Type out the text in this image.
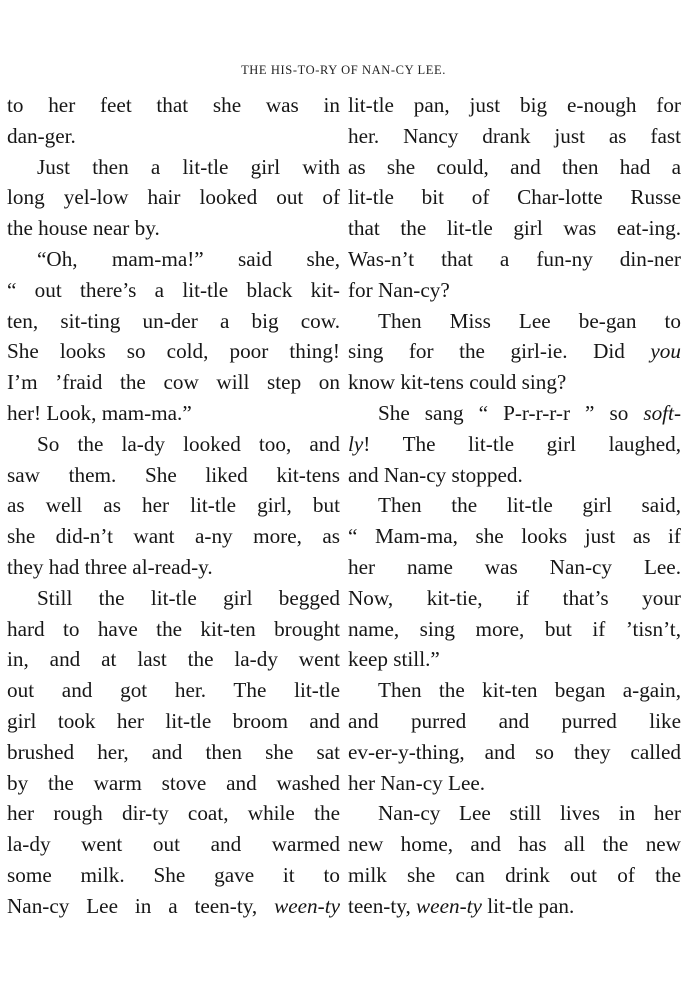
THE HIS-TO-RY OF NAN-CY LEE.
to her feet that she was in
dan-ger.
Just then a lit-tle girl with
long yel-low hair looked out of
the house near by.
“Oh, mam-ma!” said she,
“ out there’s a lit-tle black kit-
ten, sit-ting un-der a big cow.
She looks so cold, poor thing!
I’m ’fraid the cow will step on
her! Look, mam-ma.”
So the la-dy looked too, and
saw them. She liked kit-tens
as well as her lit-tle girl, but
she did-n’t want a-ny more, as
they had three al-read-y.
Still the lit-tle girl begged
hard to have the kit-ten brought
in, and at last the la-dy went
out and got her. The lit-tle
girl took her lit-tle broom and
brushed her, and then she sat
by the warm stove and washed
her rough dir-ty coat, while the
la-dy went out and warmed
some milk. She gave it to
Nan-cy Lee in a teen-ty, ween-ty
lit-tle pan, just big e-nough for
her. Nancy drank just as fast
as she could, and then had a
lit-tle bit of Char-lotte Russe
that the lit-tle girl was eat-ing.
Was-n’t that a fun-ny din-ner
for Nan-cy?
Then Miss Lee be-gan to
sing for the girl-ie. Did you
know kit-tens could sing?
She sang “ P-r-r-r-r ” so soft-
ly! The lit-tle girl laughed,
and Nan-cy stopped.
Then the lit-tle girl said,
“ Mam-ma, she looks just as if
her name was Nan-cy Lee.
Now, kit-tie, if that’s your
name, sing more, but if ’tisn’t,
keep still.”
Then the kit-ten began a-gain,
and purred and purred like
ev-er-y-thing, and so they called
her Nan-cy Lee.
Nan-cy Lee still lives in her
new home, and has all the new
milk she can drink out of the
teen-ty, ween-ty lit-tle pan.
